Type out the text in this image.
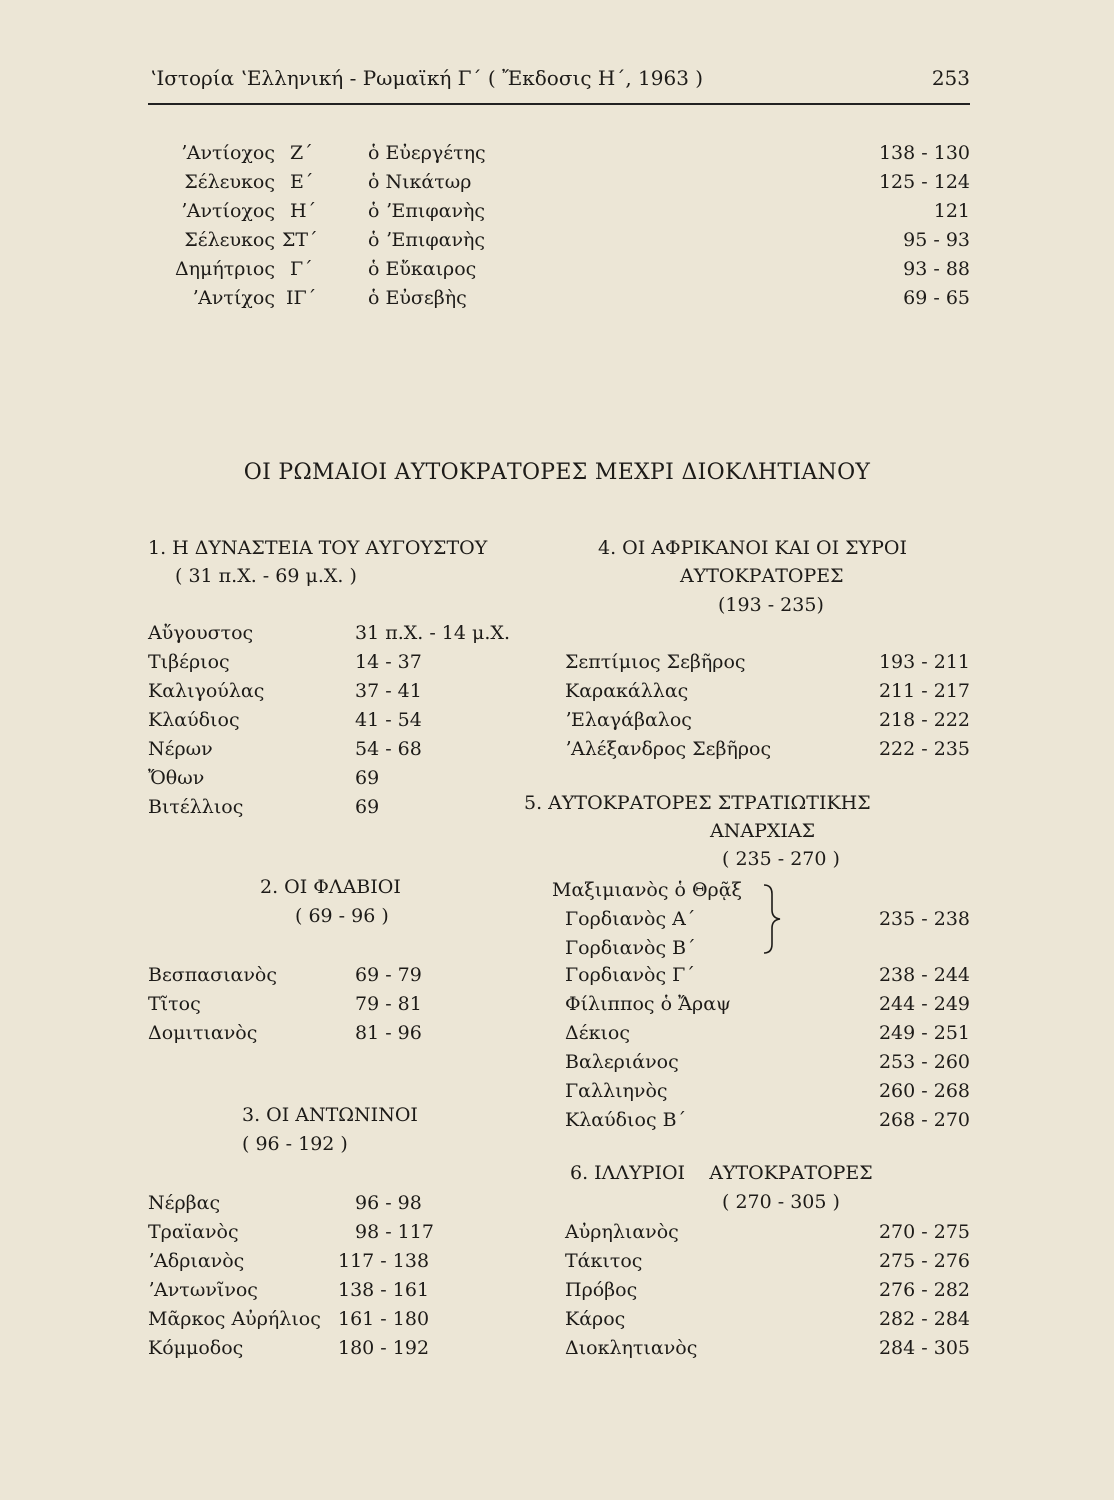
ʽΙστορία ʽΕλληνική - Ρωμαϊκή Γ΄ ( Ἔκδοσις Η΄, 1963 )	253
ʼΑντίοχος Ζ΄	ὁ Εὐεργέτης	138 - 130
Σέλευκος Ε΄	ὁ Νικάτωρ	125 - 124
ʼΑντίοχος Η΄	ὁ ʼΕπιφανὴς	121
Σέλευκος ΣΤ΄	ὁ ʼΕπιφανὴς	95 - 93
Δημήτριος Γ΄	ὁ Εὔκαιρος	93 - 88
ʼΑντίχος ΙΓ΄	ὁ Εὐσεβὴς	69 - 65
ΟΙ ΡΩΜΑΙΟΙ ΑΥΤΟΚΡΑΤΟΡΕΣ ΜΕΧΡΙ ΔΙΟΚΛΗΤΙΑΝΟΥ
1. Η ΔΥΝΑΣΤΕΙΑ ΤΟΥ ΑΥΓΟΥΣΤΟΥ
( 31 π.Χ. - 69 μ.Χ. )
Αὔγουστος	31 π.Χ. - 14 μ.Χ.
Τιβέριος	14 - 37
Καλιγούλας	37 - 41
Κλαύδιος	41 - 54
Νέρων	54 - 68
Ὄθων	69
Βιτέλλιος	69
2. ΟΙ ΦΛΑΒΙΟΙ
( 69 - 96 )
Βεσπασιανὸς	69 - 79
Τῖτος	79 - 81
Δομιτιανὸς	81 - 96
3. ΟΙ ΑΝΤΩΝΙΝΟΙ
( 96 - 192 )
Νέρβας	96 - 98
Τραϊανὸς	98 - 117
ʼΑδριανὸς	117 - 138
ʼΑντωνῖνος	138 - 161
Μᾶρκος Αὐρήλιος 161 - 180
Κόμμοδος	180 - 192
4. ΟΙ ΑΦΡΙΚΑΝΟΙ ΚΑΙ ΟΙ ΣΥΡΟΙ
ΑΥΤΟΚΡΑΤΟΡΕΣ
(193 - 235)
Σεπτίμιος Σεβῆρος	193 - 211
Καρακάλλας	211 - 217
ʼΕλαγάβαλος	218 - 222
ʼΑλέξανδρος Σεβῆρος	222 - 235
5. ΑΥΤΟΚΡΑΤΟΡΕΣ ΣΤΡΑΤΙΩΤΙΚΗΣ
ΑΝΑΡΧΙΑΣ
( 235 - 270 )
Μαξιμιανὸς ὁ Θρᾷξ
Γορδιανὸς Α΄
Γορδιανὸς Β΄
235 - 238
Γορδιανὸς Γ΄	238 - 244
Φίλιππος ὁ Ἄραψ	244 - 249
Δέκιος	249 - 251
Βαλεριάνος	253 - 260
Γαλλιηνὸς	260 - 268
Κλαύδιος Β΄	268 - 270
6. ΙΛΛΥΡΙΟΙ    ΑΥΤΟΚΡΑΤΟΡΕΣ
( 270 - 305 )
Αὐρηλιανὸς	270 - 275
Τάκιτος	275 - 276
Πρόβος	276 - 282
Κάρος	282 - 284
Διοκλητιανὸς	284 - 305
